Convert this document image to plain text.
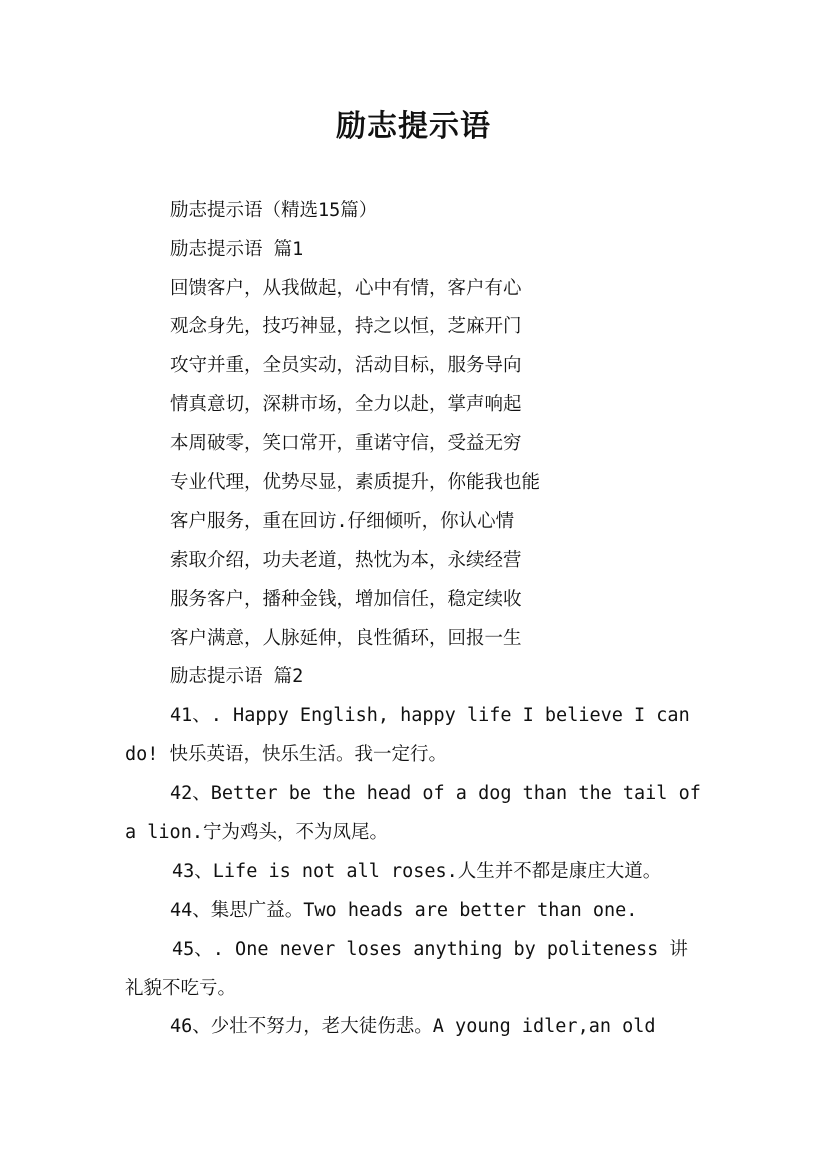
励志提示语
励志提示语（精选15篇）
励志提示语 篇1
回馈客户，从我做起，心中有情，客户有心
观念身先，技巧神显，持之以恒，芝麻开门
攻守并重，全员实动，活动目标，服务导向
情真意切，深耕市场，全力以赴，掌声响起
本周破零，笑口常开，重诺守信，受益无穷
专业代理，优势尽显，素质提升，你能我也能
客户服务，重在回访.仔细倾听，你认心情
索取介绍，功夫老道，热忱为本，永续经营
服务客户，播种金钱，增加信任，稳定续收
客户满意，人脉延伸，良性循环，回报一生
励志提示语 篇2
41、. Happy English, happy life I believe I can
do! 快乐英语，快乐生活。我一定行。
42、Better be the head of a dog than the tail of
a lion.宁为鸡头，不为凤尾。
43、Life is not all roses.人生并不都是康庄大道。
44、集思广益。Two heads are better than one.
45、. One never loses anything by politeness 讲
礼貌不吃亏。
46、少壮不努力，老大徒伤悲。A young idler,an old
